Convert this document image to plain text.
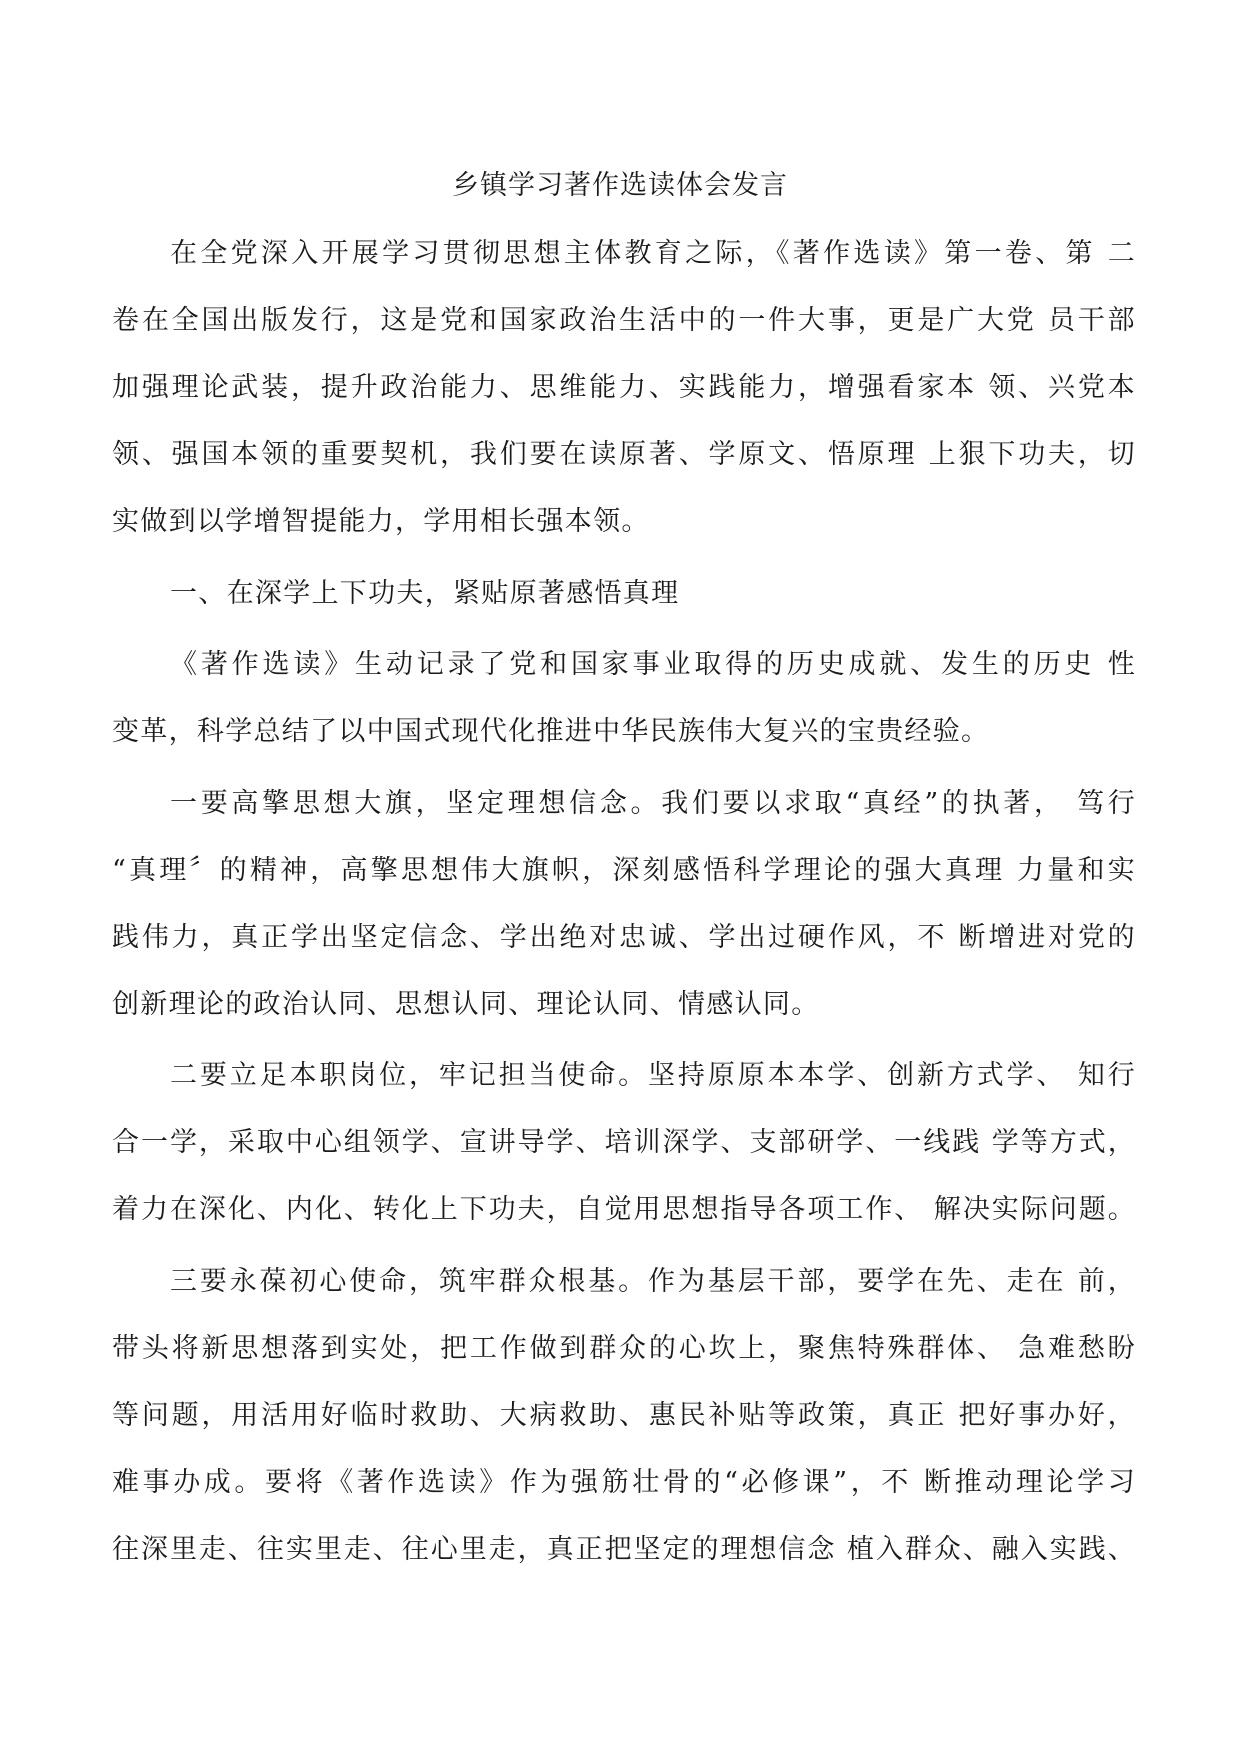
乡镇学习著作选读体会发言
在全党深入开展学习贯彻思想主体教育之际，《著作选读》第一卷、第 二
卷在全国出版发行，这是党和国家政治生活中的一件大事，更是广大党 员干部
加强理论武装，提升政治能力、思维能力、实践能力，增强看家本 领、兴党本
领、强国本领的重要契机，我们要在读原著、学原文、悟原理 上狠下功夫，切
实做到以学增智提能力，学用相长强本领。
一、在深学上下功夫，紧贴原著感悟真理
《著作选读》生动记录了党和国家事业取得的历史成就、发生的历史 性
变革，科学总结了以中国式现代化推进中华民族伟大复兴的宝贵经验。
一要高擎思想大旗，坚定理想信念。我们要以求取“真经”的执著， 笃行
“真理〞的精神，高擎思想伟大旗帜，深刻感悟科学理论的强大真理 力量和实
践伟力，真正学出坚定信念、学出绝对忠诚、学出过硬作风，不 断增进对党的
创新理论的政治认同、思想认同、理论认同、情感认同。
二要立足本职岗位，牢记担当使命。坚持原原本本学、创新方式学、 知行
合一学，采取中心组领学、宣讲导学、培训深学、支部研学、一线践 学等方式，
着力在深化、内化、转化上下功夫，自觉用思想指导各项工作、 解决实际问题。
三要永葆初心使命，筑牢群众根基。作为基层干部，要学在先、走在 前，
带头将新思想落到实处，把工作做到群众的心坎上，聚焦特殊群体、 急难愁盼
等问题，用活用好临时救助、大病救助、惠民补贴等政策，真正 把好事办好，
难事办成。要将《著作选读》作为强筋壮骨的“必修课”，不 断推动理论学习
往深里走、往实里走、往心里走，真正把坚定的理想信念 植入群众、融入实践、
